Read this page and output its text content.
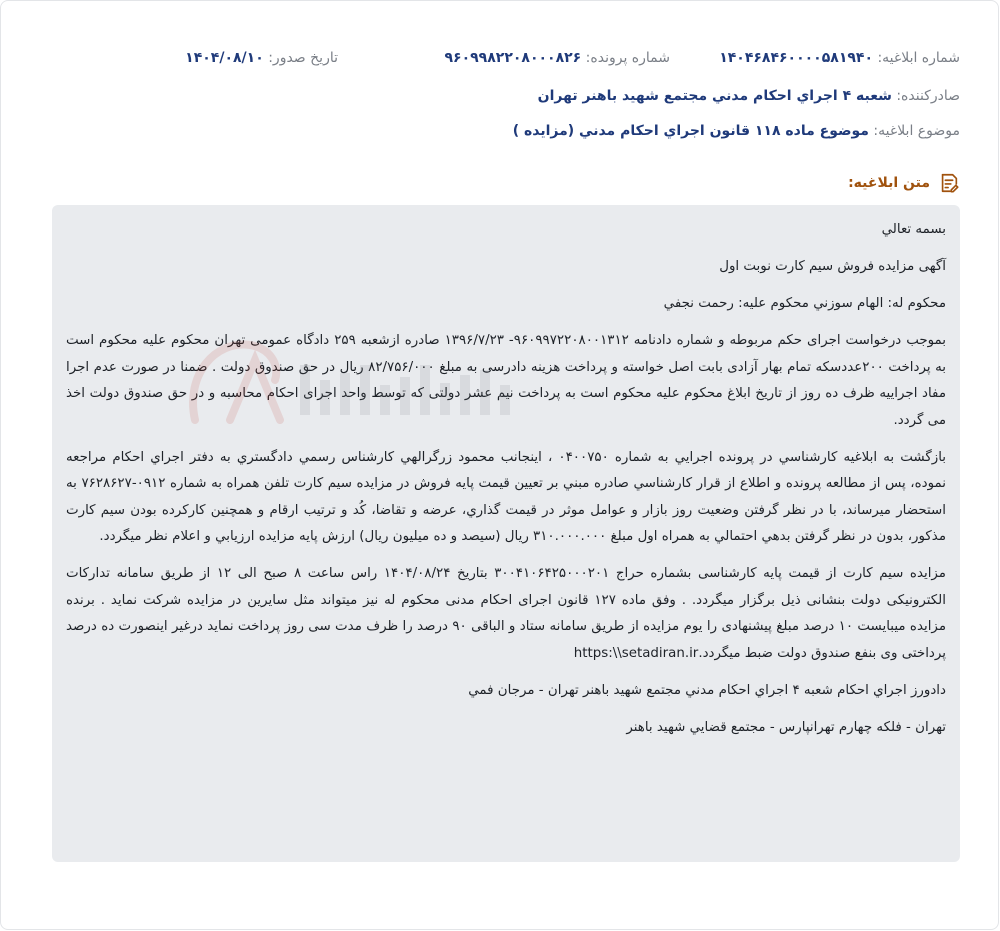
شماره ابلاغيه: ۱۴۰۴۶۸۴۶۰۰۰۰۵۸۱۹۴۰
شماره پرونده: ۹۶۰۹۹۸۲۲۰۸۰۰۰۸۲۶
تاريخ صدور: ۱۴۰۴/۰۸/۱۰
صادرکننده: شعبه ۴ اجراي احكام مدني مجتمع شهيد باهنر تهران
موضوع ابلاغيه: موضوع ماده ۱۱۸ قانون اجراي احكام مدني (مزايده )
متن ابلاغيه:

بسمه تعالي

آگهی مزایده فروش سیم کارت نوبت اول

محکوم له: الهام سوزني محكوم عليه: رحمت نجفي

بموجب درخواست اجرای حکم مربوطه و شماره دادنامه ۹۶۰۹۹۷۲۲۰۸۰۰۱۳۱۲- ۱۳۹۶/۷/۲۳ صادره ازشعبه ۲۵۹ دادگاه عمومی تهران محکوم علیه محکوم است به پرداخت ۲۰۰عددسکه تمام بهار آزادی بابت اصل خواسته و پرداخت هزینه دادرسی به مبلغ ۸۲/۷۵۶/۰۰۰ ریال در حق صندوق دولت . ضمنا در صورت عدم اجرا مفاد اجراییه ظرف ده روز از تاریخ ابلاغ محکوم علیه محکوم است به پرداخت نیم عشر دولتی که توسط واحد اجرای احکام محاسبه و در حق صندوق دولت اخذ می گردد.

بازگشت به ابلاغيه كارشناسي در پرونده اجرايي به شماره ۰۴۰۰۷۵۰ ، اينجانب محمود زرگرالهي كارشناس رسمي دادگستري به دفتر اجراي احكام مراجعه نموده، پس از مطالعه پرونده و اطلاع از قرار كارشناسي صادره مبني بر تعيين قيمت پايه فروش در مزايده سيم كارت تلفن همراه به شماره ۰۹۱۲-۷۶۲۸۶۲۷ به استحضار ميرساند، با در نظر گرفتن وضعيت روز بازار و عوامل موثر در قيمت گذاري، عرضه و تقاضا، کُد و ترتيب ارقام و همچنين كاركرده بودن سيم كارت مذكور، بدون در نظر گرفتن بدهي احتمالي به همراه اول مبلغ ۳۱۰.۰۰۰.۰۰۰ ريال (سيصد و ده ميليون ريال) ارزش پايه مزايده ارزيابي و اعلام نظر ميگردد.

مزایده سیم کارت از قیمت پایه کارشناسی بشماره حراج ۳۰۰۴۱۰۶۴۲۵۰۰۰۲۰۱ بتاریخ ۱۴۰۴/۰۸/۲۴ راس ساعت ۸ صبح الی ۱۲ از طریق سامانه تدارکات الکترونیکی دولت بنشانی ذیل برگزار میگردد. . وفق ماده ۱۲۷ قانون اجرای احکام مدنی محکوم له نیز میتواند مثل سایرین در مزایده شرکت نماید . برنده مزایده میبایست ۱۰ درصد مبلغ پیشنهادی را یوم مزایده از طریق سامانه ستاد و الباقی ۹۰ درصد را ظرف مدت سی روز پرداخت نماید درغیر اینصورت ده درصد پرداختی وی بنفع صندوق دولت ضبط میگردد.https:\\setadiran.ir

دادورز اجراي احكام شعبه ۴ اجراي احكام مدني مجتمع شهيد باهنر تهران - مرجان فمي

تهران - فلكه چهارم تهرانپارس - مجتمع قضايي شهيد باهنر
